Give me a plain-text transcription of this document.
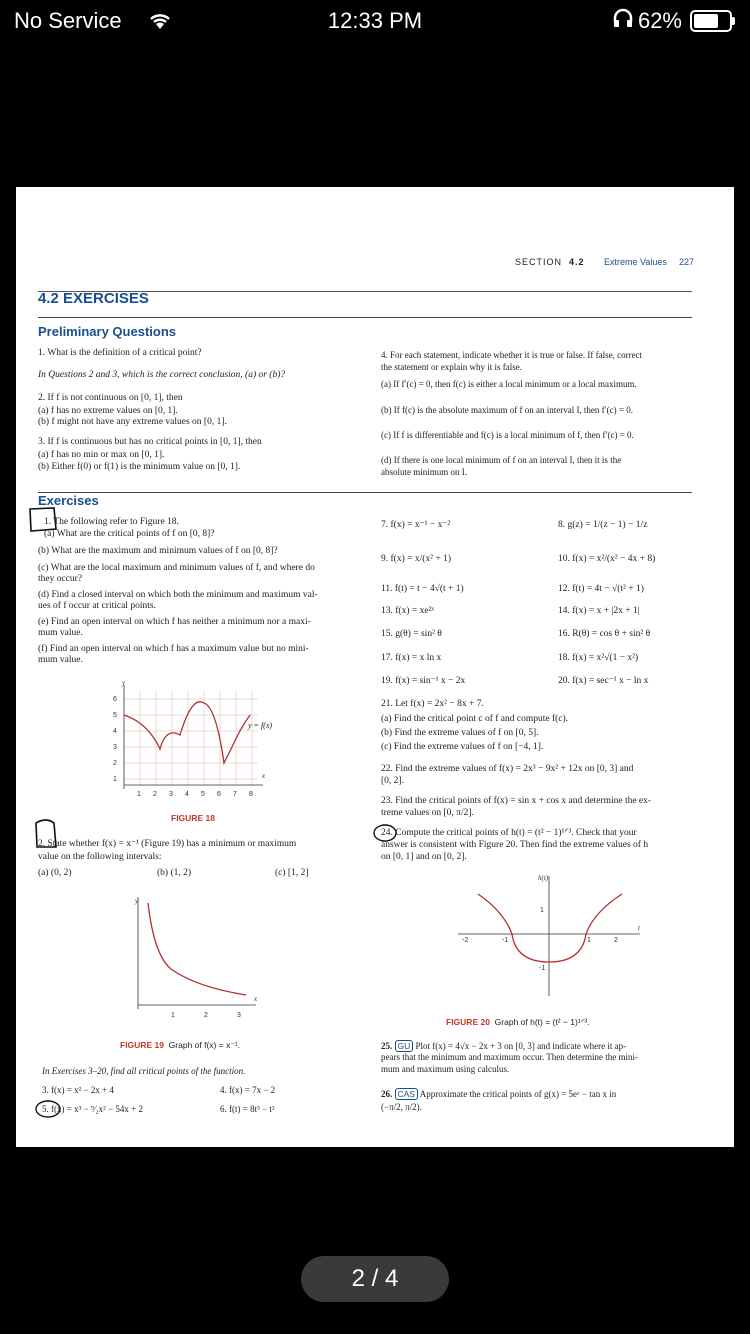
No Service	12:33 PM	62%
SECTION 4.2 Extreme Values 227
4.2 EXERCISES
Preliminary Questions
1. What is the definition of a critical point?
In Questions 2 and 3, which is the correct conclusion, (a) or (b)?
2. If f is not continuous on [0, 1], then
(a) f has no extreme values on [0, 1].
(b) f might not have any extreme values on [0, 1].
3. If f is continuous but has no critical points in [0, 1], then
(a) f has no min or max on [0, 1].
(b) Either f(0) or f(1) is the minimum value on [0, 1].
4. For each statement, indicate whether it is true or false. If false, correct
the statement or explain why it is false.
(a) If f′(c) = 0, then f(c) is either a local minimum or a local maximum.
(b) If f(c) is the absolute maximum of f on an interval I, then f′(c) = 0.
(c) If f is differentiable and f(c) is a local minimum of f, then f′(c) = 0.
(d) If there is one local minimum of f on an interval I, then it is the
absolute minimum on I.
Exercises
1. The following refer to Figure 18.
(a) What are the critical points of f on [0, 8]?
(b) What are the maximum and minimum values of f on [0, 8]?
(c) What are the local maximum and minimum values of f, and where do
they occur?
(d) Find a closed interval on which both the minimum and maximum val-
ues of f occur at critical points.
(e) Find an open interval on which f has neither a minimum nor a maxi-
mum value.
(f) Find an open interval on which f has a maximum value but no mini-
mum value.
y
x
6
5
4
3
2
1
1 2 3 4 5 6 7 8
y = f(x)
FIGURE 18
2. State whether f(x) = x⁻¹ (Figure 19) has a minimum or maximum
value on the following intervals:
(a) (0, 2)	(b) (1, 2)	(c) [1, 2]
y
x
1	2	3
FIGURE 19 Graph of f(x) = x⁻¹.
In Exercises 3–20, find all critical points of the function.
3. f(x) = x² − 2x + 4	4. f(x) = 7x − 2
5. f(x) = x³ − ⁹⁄₂x² − 54x + 2	6. f(t) = 8t³ − t²
7. f(x) = x⁻¹ − x⁻²	8. g(z) = 1/(z − 1) − 1/z
9. f(x) = x/(x² + 1)	10. f(x) = x²/(x² − 4x + 8)
11. f(t) = t − 4√(t + 1)	12. f(t) = 4t − √(t² + 1)
13. f(x) = xe²ˣ	14. f(x) = x + |2x + 1|
15. g(θ) = sin² θ	16. R(θ) = cos θ + sin² θ
17. f(x) = x ln x	18. f(x) = x²√(1 − x²)
19. f(x) = sin⁻¹ x − 2x	20. f(x) = sec⁻¹ x − ln x
21. Let f(x) = 2x² − 8x + 7.
(a) Find the critical point c of f and compute f(c).
(b) Find the extreme values of f on [0, 5].
(c) Find the extreme values of f on [−4, 1].
22. Find the extreme values of f(x) = 2x³ − 9x² + 12x on [0, 3] and
[0, 2].
23. Find the critical points of f(x) = sin x + cos x and determine the ex-
treme values on [0, π/2].
24. Compute the critical points of h(t) = (t² − 1)¹ᐟ³. Check that your
answer is consistent with Figure 20. Then find the extreme values of h
on [0, 1] and on [0, 2].
h(t)
t
-2	-1	1	2
1
-1
FIGURE 20 Graph of h(t) = (t² − 1)¹ᐟ³.
25. GU Plot f(x) = 4√x − 2x + 3 on [0, 3] and indicate where it ap-
pears that the minimum and maximum occur. Then determine the mini-
mum and maximum using calculus.
26. CAS Approximate the critical points of g(x) = 5eˣ − tan x in
(−π/2, π/2).
2 / 4
